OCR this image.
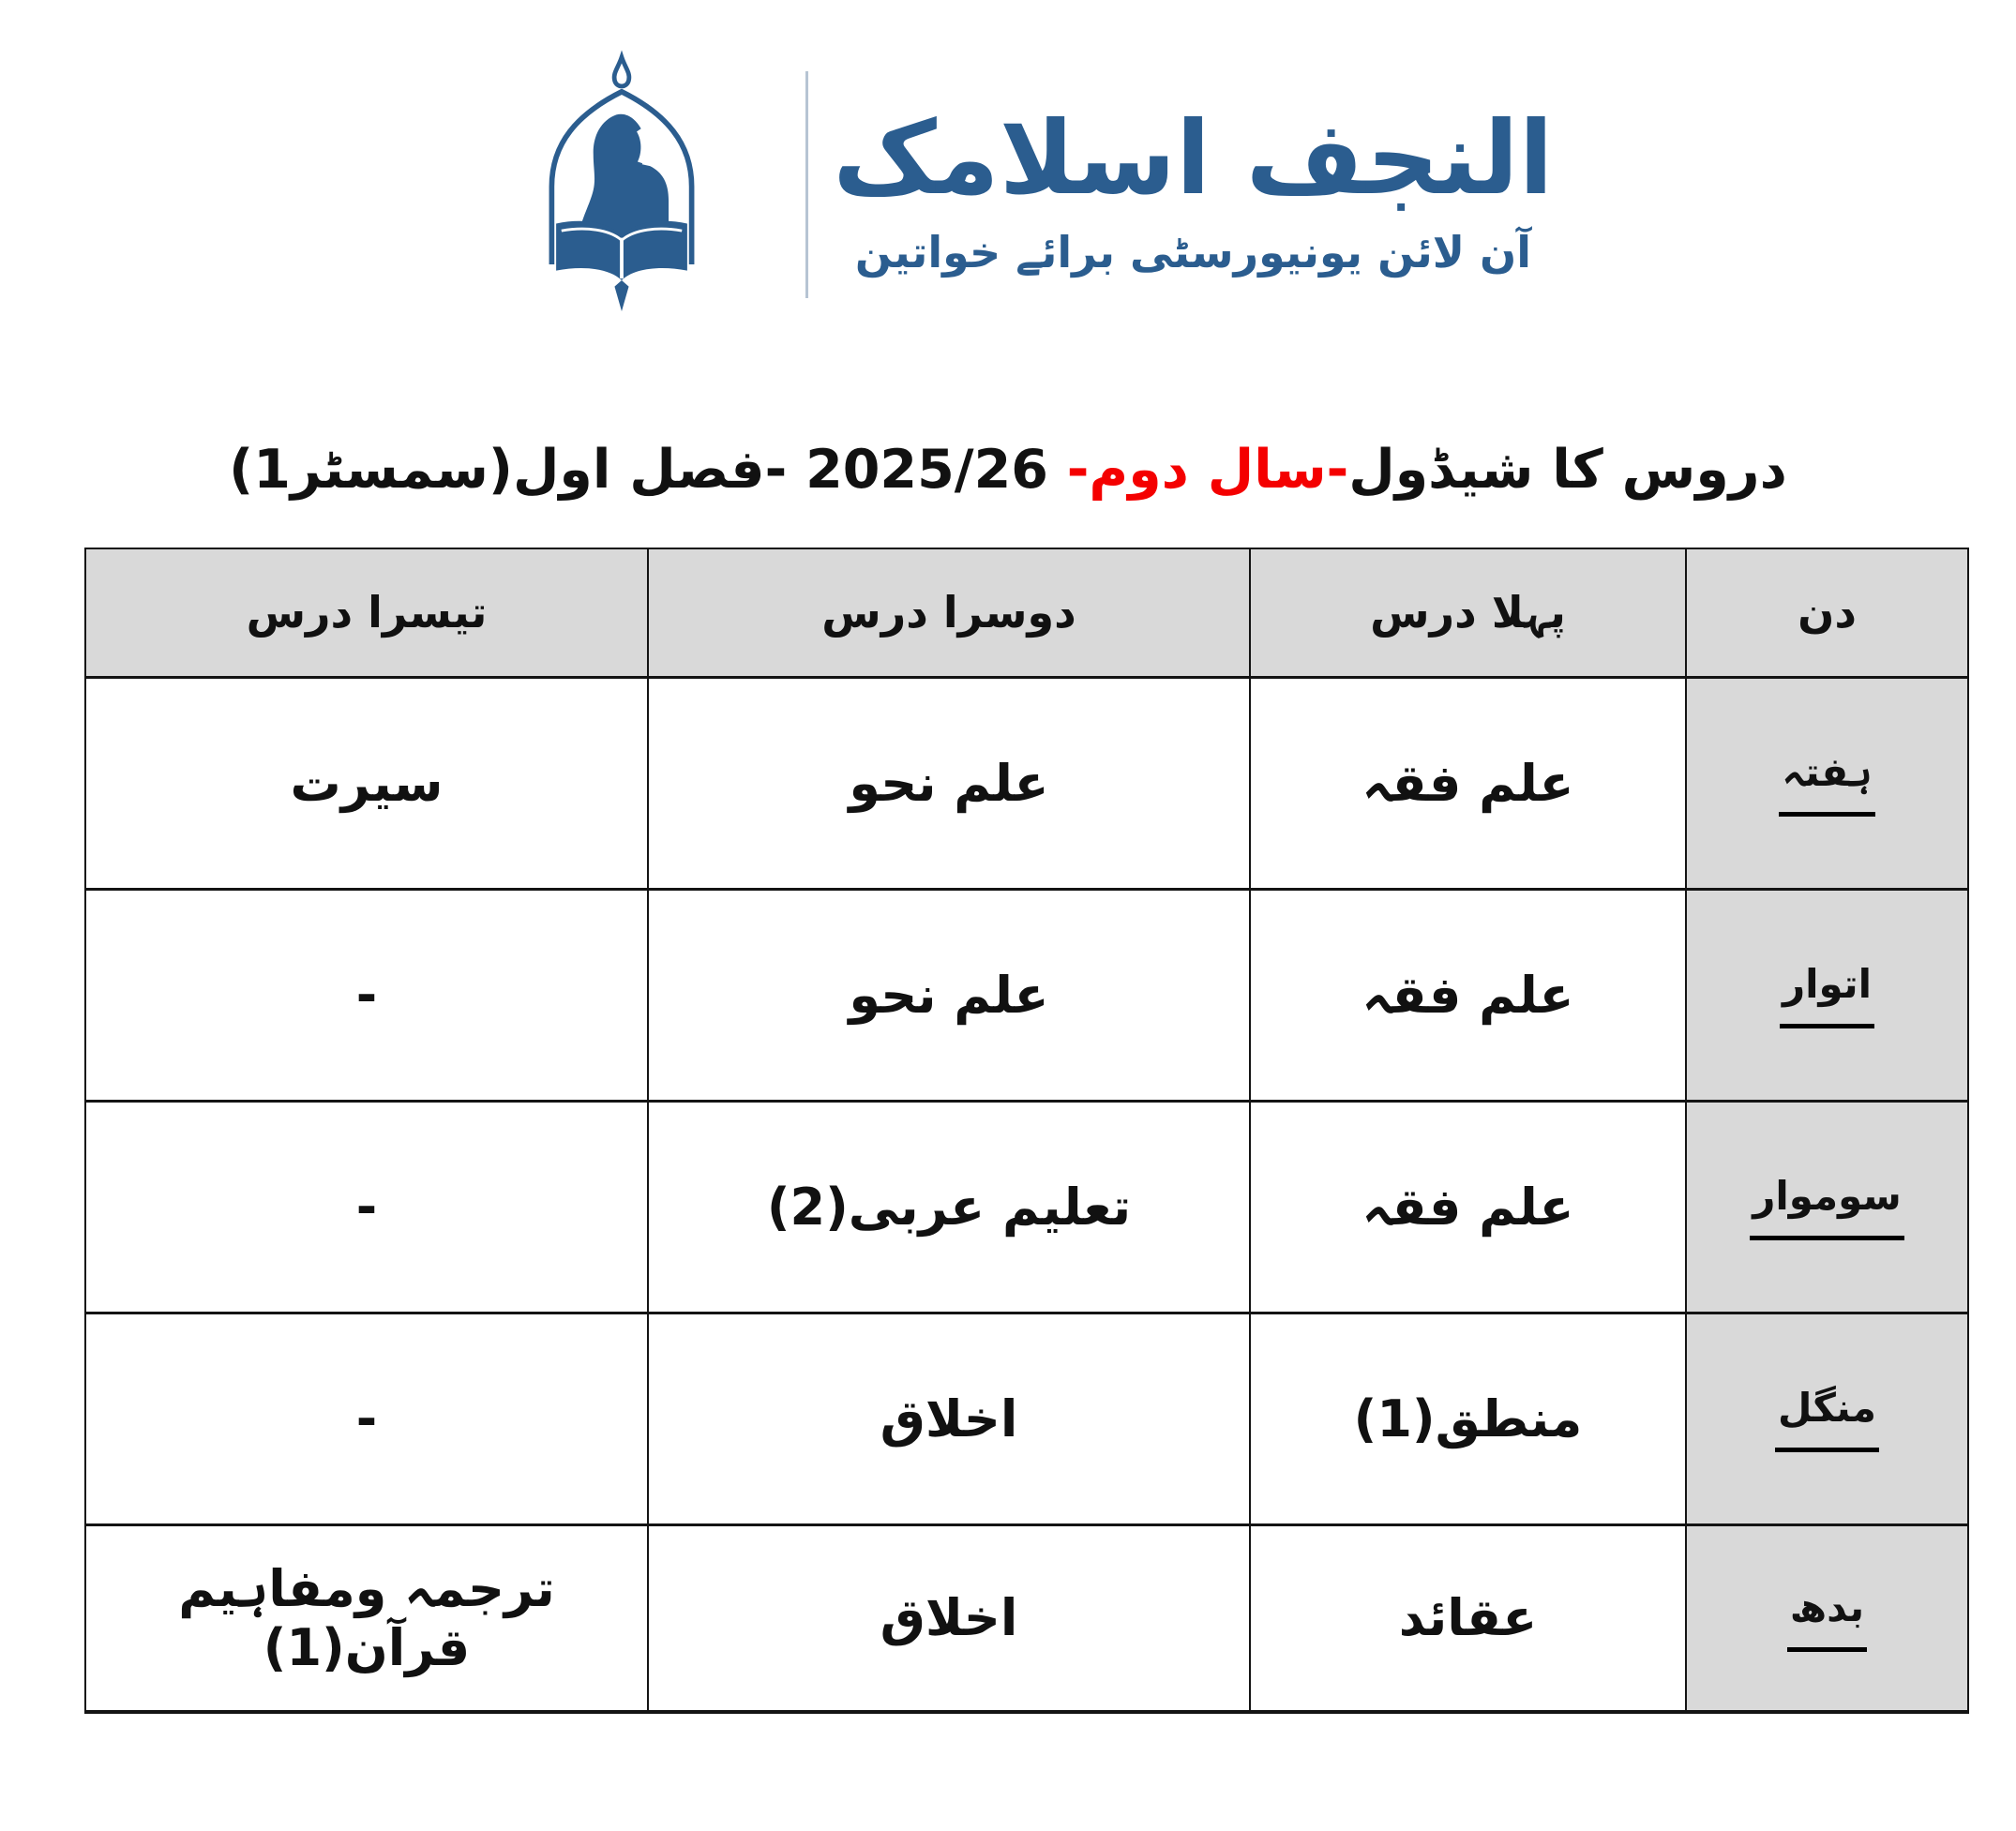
النجف اسلامک
آن لائن یونیورسٹی برائے خواتین
دروس کا شیڈول-سال دوم- 2025/26 -فصل اول(سمسٹر1)
دن	پہلا درس	دوسرا درس	تیسرا درس
ہفتہ	علم فقہ	علم نحو	سیرت
اتوار	علم فقہ	علم نحو	-
سوموار	علم فقہ	تعلیم عربی(2)	-
منگل	منطق(1)	اخلاق	-
بدھ	عقائد	اخلاق	ترجمہ ومفاہیم قرآن(1)
